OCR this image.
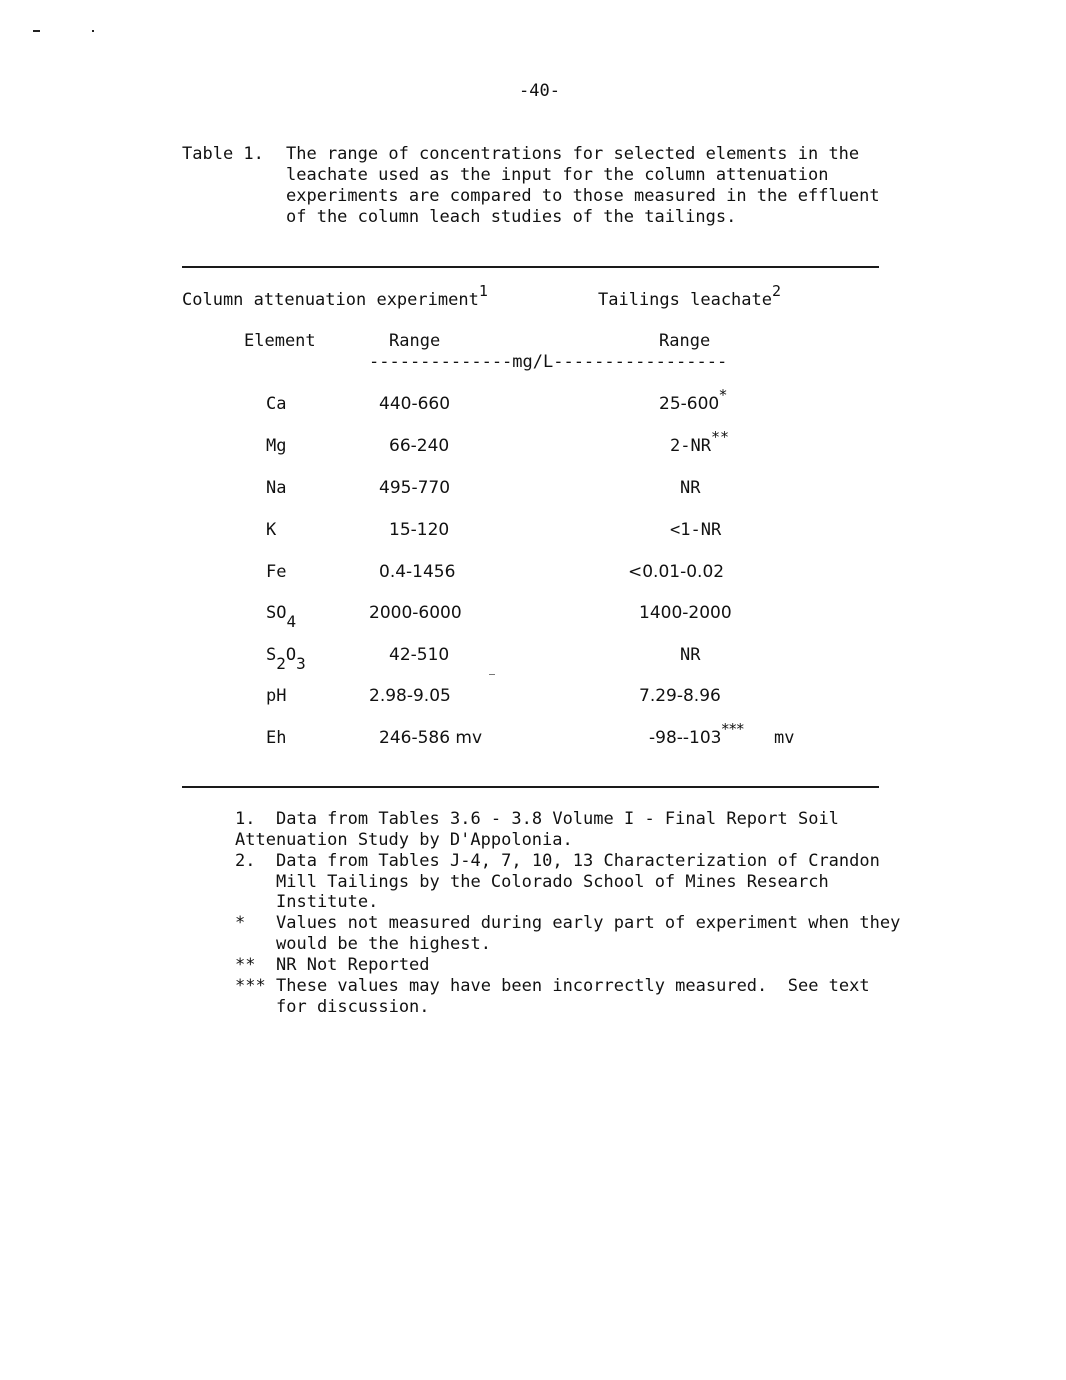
-40-
Table 1. The range of concentrations for selected elements in the
leachate used as the input for the column attenuation
experiments are compared to those measured in the effluent
of the column leach studies of the tailings.
Column attenuation experiment$^1$	Tailings leachate$^2$
Element	Range	Range
--------------mg/L-----------------
Ca	440-660	25-600*
Mg	66-240	2-NR**
Na	495-770	NR
K	15-120	<1-NR
Fe	0.4-1456	<0.01-0.02
$SO_4$	2000-6000	1400-2000
$S_2O_3$	42-510	NR
pH	2.98-9.05	7.29-8.96
Eh	246-586 mv	-98--103*** mv
1. Data from Tables 3.6 - 3.8 Volume I - Final Report Soil
Attenuation Study by D'Appolonia.
2. Data from Tables J-4, 7, 10, 13 Characterization of Crandon
Mill Tailings by the Colorado School of Mines Research
Institute.
* Values not measured during early part of experiment when they
would be the highest.
** NR Not Reported
*** These values may have been incorrectly measured.  See text
for discussion.
